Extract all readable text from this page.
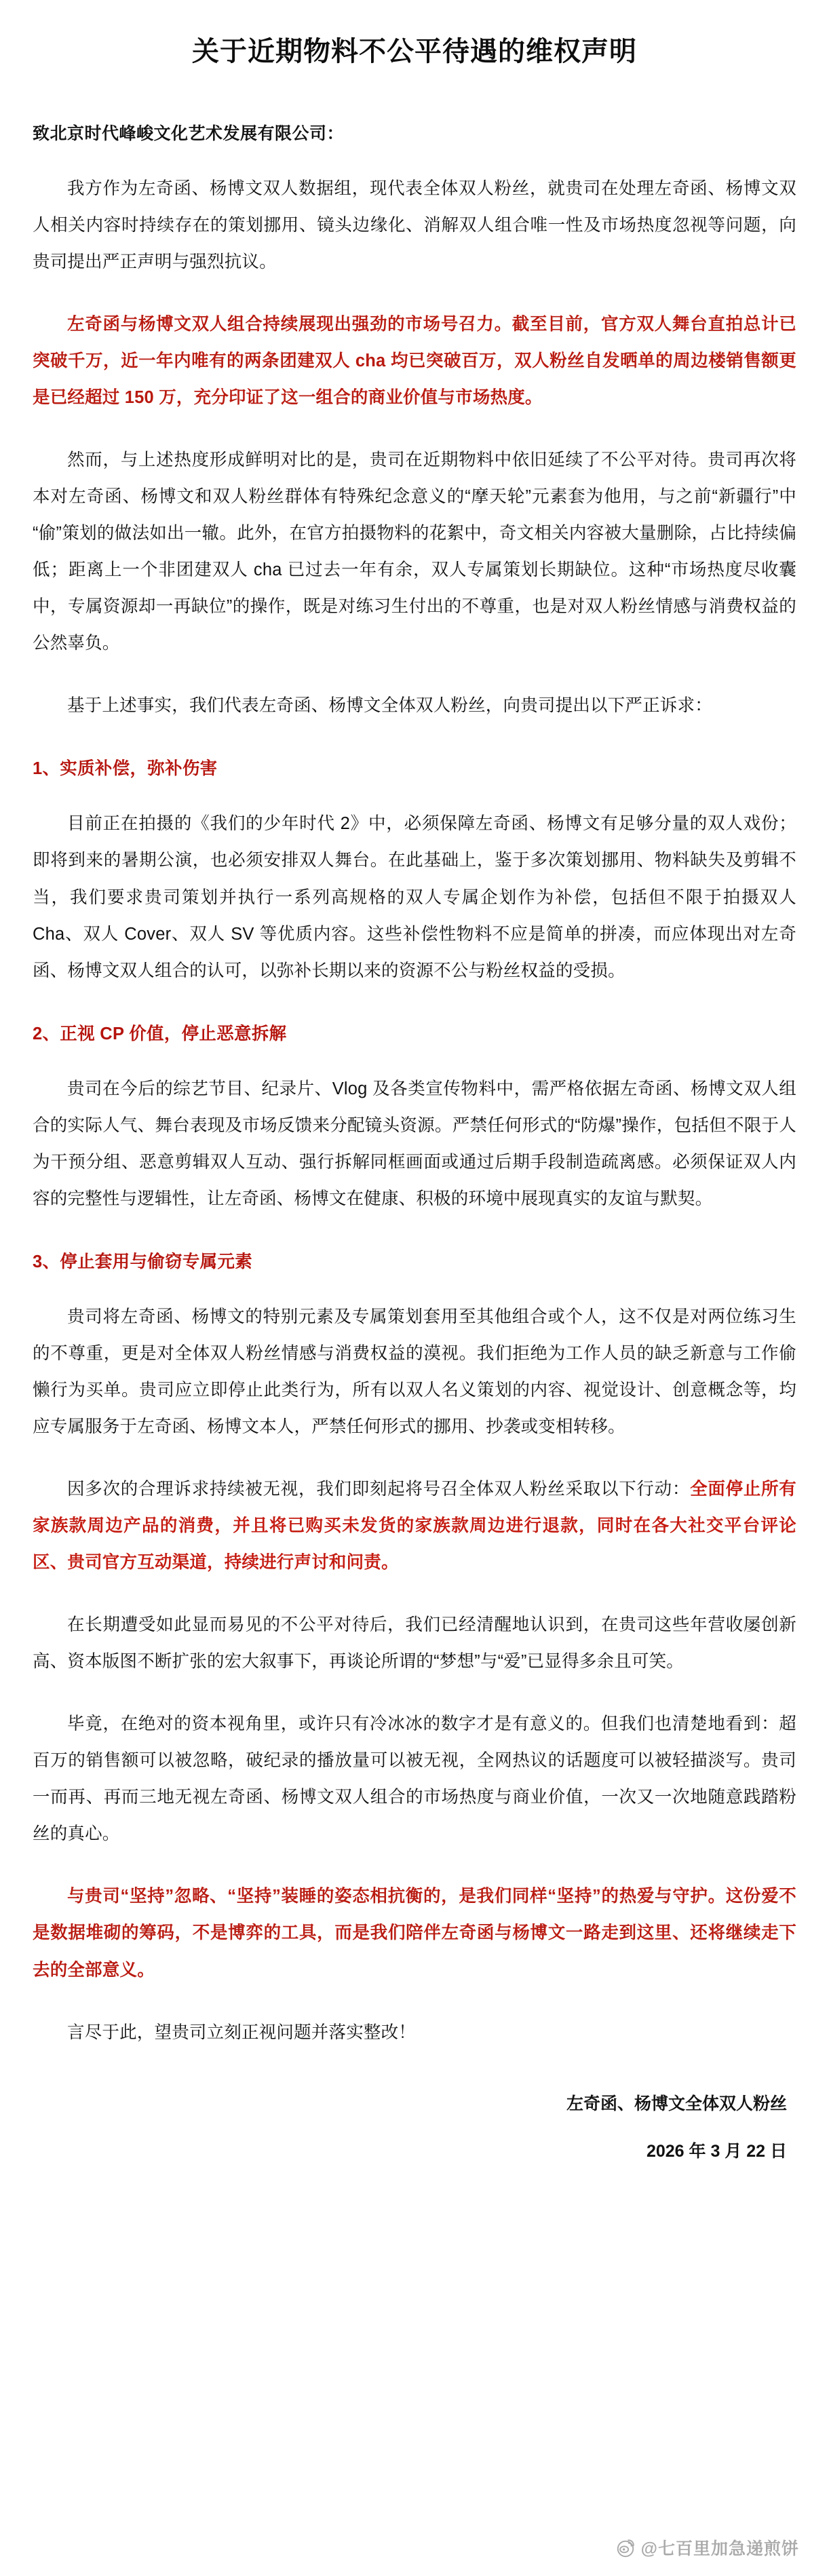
关于近期物料不公平待遇的维权声明
致北京时代峰峻文化艺术发展有限公司：

我方作为左奇函、杨博文双人数据组，现代表全体双人粉丝，就贵司在处理左奇函、杨博文双人相关内容时持续存在的策划挪用、镜头边缘化、消解双人组合唯一性及市场热度忽视等问题，向贵司提出严正声明与强烈抗议。

左奇函与杨博文双人组合持续展现出强劲的市场号召力。截至目前，官方双人舞台直拍总计已突破千万，近一年内唯有的两条团建双人 cha 均已突破百万，双人粉丝自发晒单的周边楼销售额更是已经超过 150 万，充分印证了这一组合的商业价值与市场热度。

然而，与上述热度形成鲜明对比的是，贵司在近期物料中依旧延续了不公平对待。贵司再次将本对左奇函、杨博文和双人粉丝群体有特殊纪念意义的“摩天轮”元素套为他用，与之前“新疆行”中“偷”策划的做法如出一辙。此外，在官方拍摄物料的花絮中，奇文相关内容被大量删除，占比持续偏低；距离上一个非团建双人 cha 已过去一年有余，双人专属策划长期缺位。这种“市场热度尽收囊中，专属资源却一再缺位”的操作，既是对练习生付出的不尊重，也是对双人粉丝情感与消费权益的公然辜负。

基于上述事实，我们代表左奇函、杨博文全体双人粉丝，向贵司提出以下严正诉求：

1、实质补偿，弥补伤害

目前正在拍摄的《我们的少年时代 2》中，必须保障左奇函、杨博文有足够分量的双人戏份；即将到来的暑期公演，也必须安排双人舞台。在此基础上，鉴于多次策划挪用、物料缺失及剪辑不当，我们要求贵司策划并执行一系列高规格的双人专属企划作为补偿，包括但不限于拍摄双人 Cha、双人 Cover、双人 SV 等优质内容。这些补偿性物料不应是简单的拼凑，而应体现出对左奇函、杨博文双人组合的认可，以弥补长期以来的资源不公与粉丝权益的受损。

2、正视 CP 价值，停止恶意拆解

贵司在今后的综艺节目、纪录片、Vlog 及各类宣传物料中，需严格依据左奇函、杨博文双人组合的实际人气、舞台表现及市场反馈来分配镜头资源。严禁任何形式的“防爆”操作，包括但不限于人为干预分组、恶意剪辑双人互动、强行拆解同框画面或通过后期手段制造疏离感。必须保证双人内容的完整性与逻辑性，让左奇函、杨博文在健康、积极的环境中展现真实的友谊与默契。

3、停止套用与偷窃专属元素

贵司将左奇函、杨博文的特别元素及专属策划套用至其他组合或个人，这不仅是对两位练习生的不尊重，更是对全体双人粉丝情感与消费权益的漠视。我们拒绝为工作人员的缺乏新意与工作偷懒行为买单。贵司应立即停止此类行为，所有以双人名义策划的内容、视觉设计、创意概念等，均应专属服务于左奇函、杨博文本人，严禁任何形式的挪用、抄袭或变相转移。

因多次的合理诉求持续被无视，我们即刻起将号召全体双人粉丝采取以下行动：全面停止所有家族款周边产品的消费，并且将已购买未发货的家族款周边进行退款，同时在各大社交平台评论区、贵司官方互动渠道，持续进行声讨和问责。

在长期遭受如此显而易见的不公平对待后，我们已经清醒地认识到，在贵司这些年营收屡创新高、资本版图不断扩张的宏大叙事下，再谈论所谓的“梦想”与“爱”已显得多余且可笑。

毕竟，在绝对的资本视角里，或许只有冷冰冰的数字才是有意义的。但我们也清楚地看到：超百万的销售额可以被忽略，破纪录的播放量可以被无视，全网热议的话题度可以被轻描淡写。贵司一而再、再而三地无视左奇函、杨博文双人组合的市场热度与商业价值，一次又一次地随意践踏粉丝的真心。

与贵司“坚持”忽略、“坚持”装睡的姿态相抗衡的，是我们同样“坚持”的热爱与守护。这份爱不是数据堆砌的筹码，不是博弈的工具，而是我们陪伴左奇函与杨博文一路走到这里、还将继续走下去的全部意义。

言尽于此，望贵司立刻正视问题并落实整改！

左奇函、杨博文全体双人粉丝
2026 年 3 月 22 日
@七百里加急递煎饼
